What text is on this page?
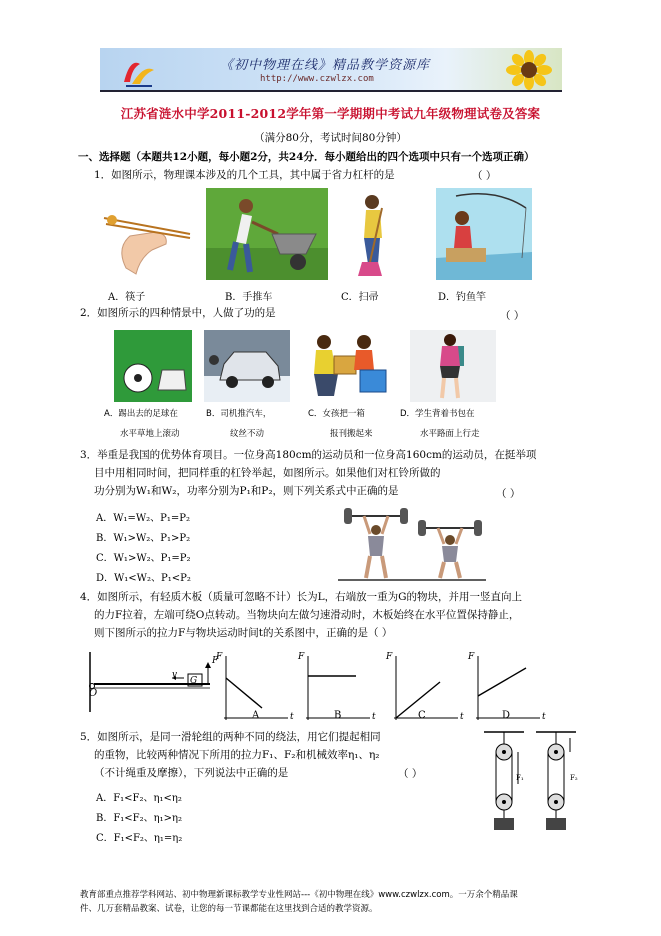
《初中物理在线》精品教学资源库
http://www.czwlzx.com
江苏省涟水中学2011-2012学年第一学期期中考试九年级物理试卷及答案
（满分80分，考试时间80分钟）
一、选择题（本题共12小题，每小题2分，共24分．每小题给出的四个选项中只有一个选项正确）
1．如图所示，物理课本涉及的几个工具，其中属于省力杠杆的是	（ ）
A．筷子	B．手推车	C．扫帚	D．钓鱼竿
2．如图所示的四种情景中，人做了功的是	（ ）
A．踢出去的足球在
水平草地上滚动
B．司机推汽车，
纹丝不动
C．女孩把一箱
报刊搬起来
D．学生背着书包在
水平路面上行走
3．举重是我国的优势体育项目。一位身高180cm的运动员和一位身高160cm的运动员，在挺举项
目中用相同时间，把同样重的杠铃举起，如图所示。如果他们对杠铃所做的
功分别为W₁和W₂，功率分别为P₁和P₂，则下列关系式中正确的是	（ ）
A．W₁=W₂、P₁=P₂
B．W₁>W₂、P₁>P₂
C．W₁>W₂、P₁=P₂
D．W₁<W₂、P₁<P₂
4．如图所示，有轻质木板（质量可忽略不计）长为L，右端放一重为G的物块，并用一竖直向上
的力F拉着，左端可绕O点转动。当物块向左做匀速滑动时，木板始终在水平位置保持静止，
则下图所示的拉力F与物块运动时间t的关系图中，正确的是（ ）
O
v
G
F
F
t
F
t
F
t
F
t
A	B	C	D
5．如图所示，是同一滑轮组的两种不同的绕法，用它们提起相同
的重物，比较两种情况下所用的拉力F₁、F₂和机械效率η₁、η₂
（不计绳重及摩擦），下列说法中正确的是	（ ）
A．F₁<F₂、η₁<η₂
B．F₁<F₂、η₁>η₂
C．F₁<F₂、η₁=η₂
F₁	F₂
教育部重点推荐学科网站、初中物理新课标教学专业性网站---《初中物理在线》www.czwlzx.com。一万余个精品课
件、几万套精品教案、试卷，让您的每一节课都能在这里找到合适的教学资源。
